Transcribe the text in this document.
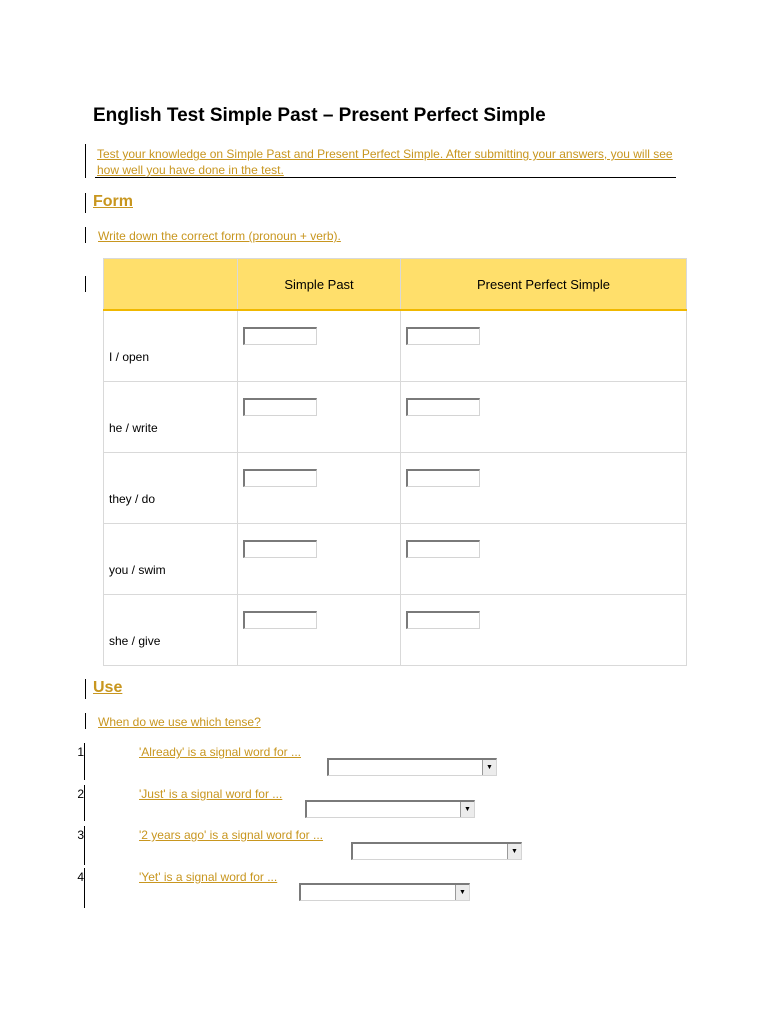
English Test Simple Past – Present Perfect Simple
Test your knowledge on Simple Past and Present Perfect Simple. After submitting your answers, you will see how well you have done in the test.
Form
Write down the correct form (pronoun + verb).
	Simple Past	Present Perfect Simple

I / open		

he / write		

they / do		

you / swim		

she / give		

Use
When do we use which tense?
1	'Already' is a signal word for ...
▼
2	'Just' is a signal word for ...
▼
3	'2 years ago' is a signal word for ...
▼
4	'Yet' is a signal word for ...
▼
